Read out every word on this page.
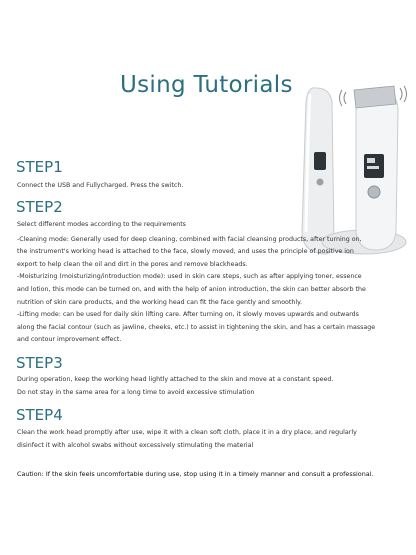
Using Tutorials
STEP1

Connect the USB and Fullycharged. Press the switch.

STEP2

Select different modes according to the requirements

-Cleaning mode: Generally used for deep cleaning, combined with facial cleansing products, after turning on,

the instrument's working head is attached to the face, slowly moved, and uses the principle of positive ion

export to help clean the oil and dirt in the pores and remove blackheads.

-Moisturizing (moisturizing/introduction mode): used in skin care steps, such as after applying toner, essence

and lotion, this mode can be turned on, and with the help of anion introduction, the skin can better absorb the

nutrition of skin care products, and the working head can fit the face gently and smoothly.

-Lifting mode: can be used for daily skin lifting care. After turning on, it slowly moves upwards and outwards

along the facial contour (such as jawline, cheeks, etc.) to assist in tightening the skin, and has a certain massage

and contour improvement effect.

STEP3

During operation, keep the working head lightly attached to the skin and move at a constant speed.

Do not stay in the same area for a long time to avoid excessive stimulation

STEP4

Clean the work head promptly after use, wipe it with a clean soft cloth, place it in a dry place, and regularly

disinfect it with alcohol swabs without excessively stimulating the material

Caution: If the skin feels uncomfortable during use, stop using it in a timely manner and consult a professional.
